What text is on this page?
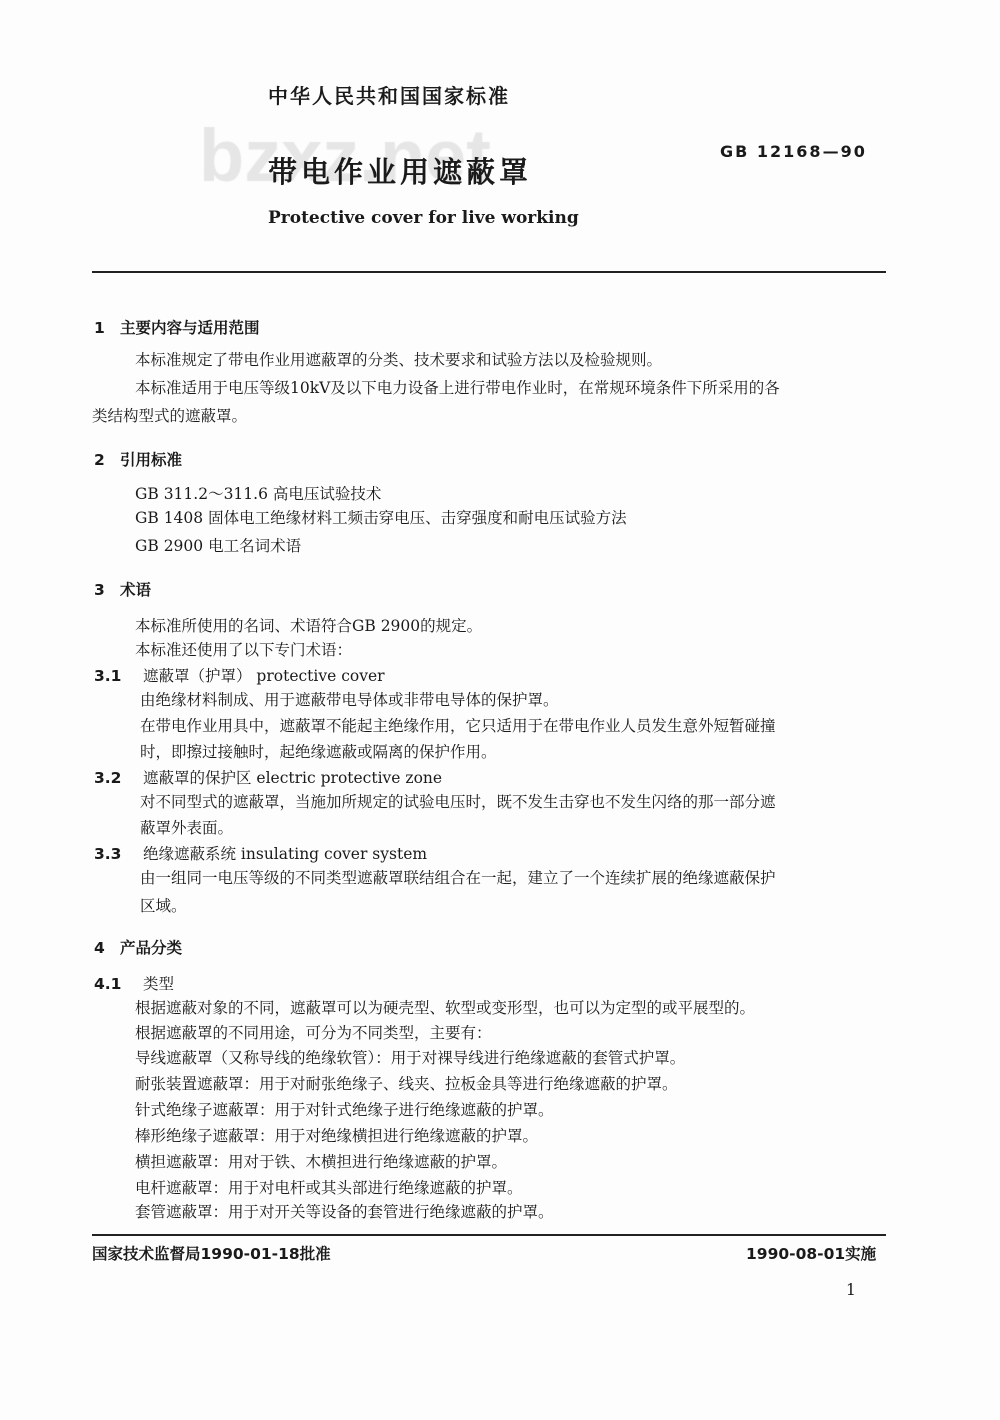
中华人民共和国国家标准
带电作业用遮蔽罩
GB 12168—90
Protective cover for live working
1 主要内容与适用范围
本标准规定了带电作业用遮蔽罩的分类、技术要求和试验方法以及检验规则。
本标准适用于电压等级10kV及以下电力设备上进行带电作业时，在常规环境条件下所采用的各
类结构型式的遮蔽罩。
2 引用标准
GB 311.2～311.6 高电压试验技术
GB 1408 固体电工绝缘材料工频击穿电压、击穿强度和耐电压试验方法
GB 2900 电工名词术语
3 术语
本标准所使用的名词、术语符合GB 2900的规定。
本标准还使用了以下专门术语：
3.1 遮蔽罩（护罩） protective cover
由绝缘材料制成、用于遮蔽带电导体或非带电导体的保护罩。
在带电作业用具中，遮蔽罩不能起主绝缘作用，它只适用于在带电作业人员发生意外短暂碰撞
时，即擦过接触时，起绝缘遮蔽或隔离的保护作用。
3.2 遮蔽罩的保护区 electric protective zone
对不同型式的遮蔽罩，当施加所规定的试验电压时，既不发生击穿也不发生闪络的那一部分遮
蔽罩外表面。
3.3 绝缘遮蔽系统 insulating cover system
由一组同一电压等级的不同类型遮蔽罩联结组合在一起，建立了一个连续扩展的绝缘遮蔽保护
区域。
4 产品分类
4.1 类型
根据遮蔽对象的不同，遮蔽罩可以为硬壳型、软型或变形型，也可以为定型的或平展型的。
根据遮蔽罩的不同用途，可分为不同类型，主要有：
导线遮蔽罩（又称导线的绝缘软管）：用于对裸导线进行绝缘遮蔽的套管式护罩。
耐张装置遮蔽罩：用于对耐张绝缘子、线夹、拉板金具等进行绝缘遮蔽的护罩。
针式绝缘子遮蔽罩：用于对针式绝缘子进行绝缘遮蔽的护罩。
棒形绝缘子遮蔽罩：用于对绝缘横担进行绝缘遮蔽的护罩。
横担遮蔽罩：用对于铁、木横担进行绝缘遮蔽的护罩。
电杆遮蔽罩：用于对电杆或其头部进行绝缘遮蔽的护罩。
套管遮蔽罩：用于对开关等设备的套管进行绝缘遮蔽的护罩。
国家技术监督局1990-01-18批准	1990-08-01实施
1
